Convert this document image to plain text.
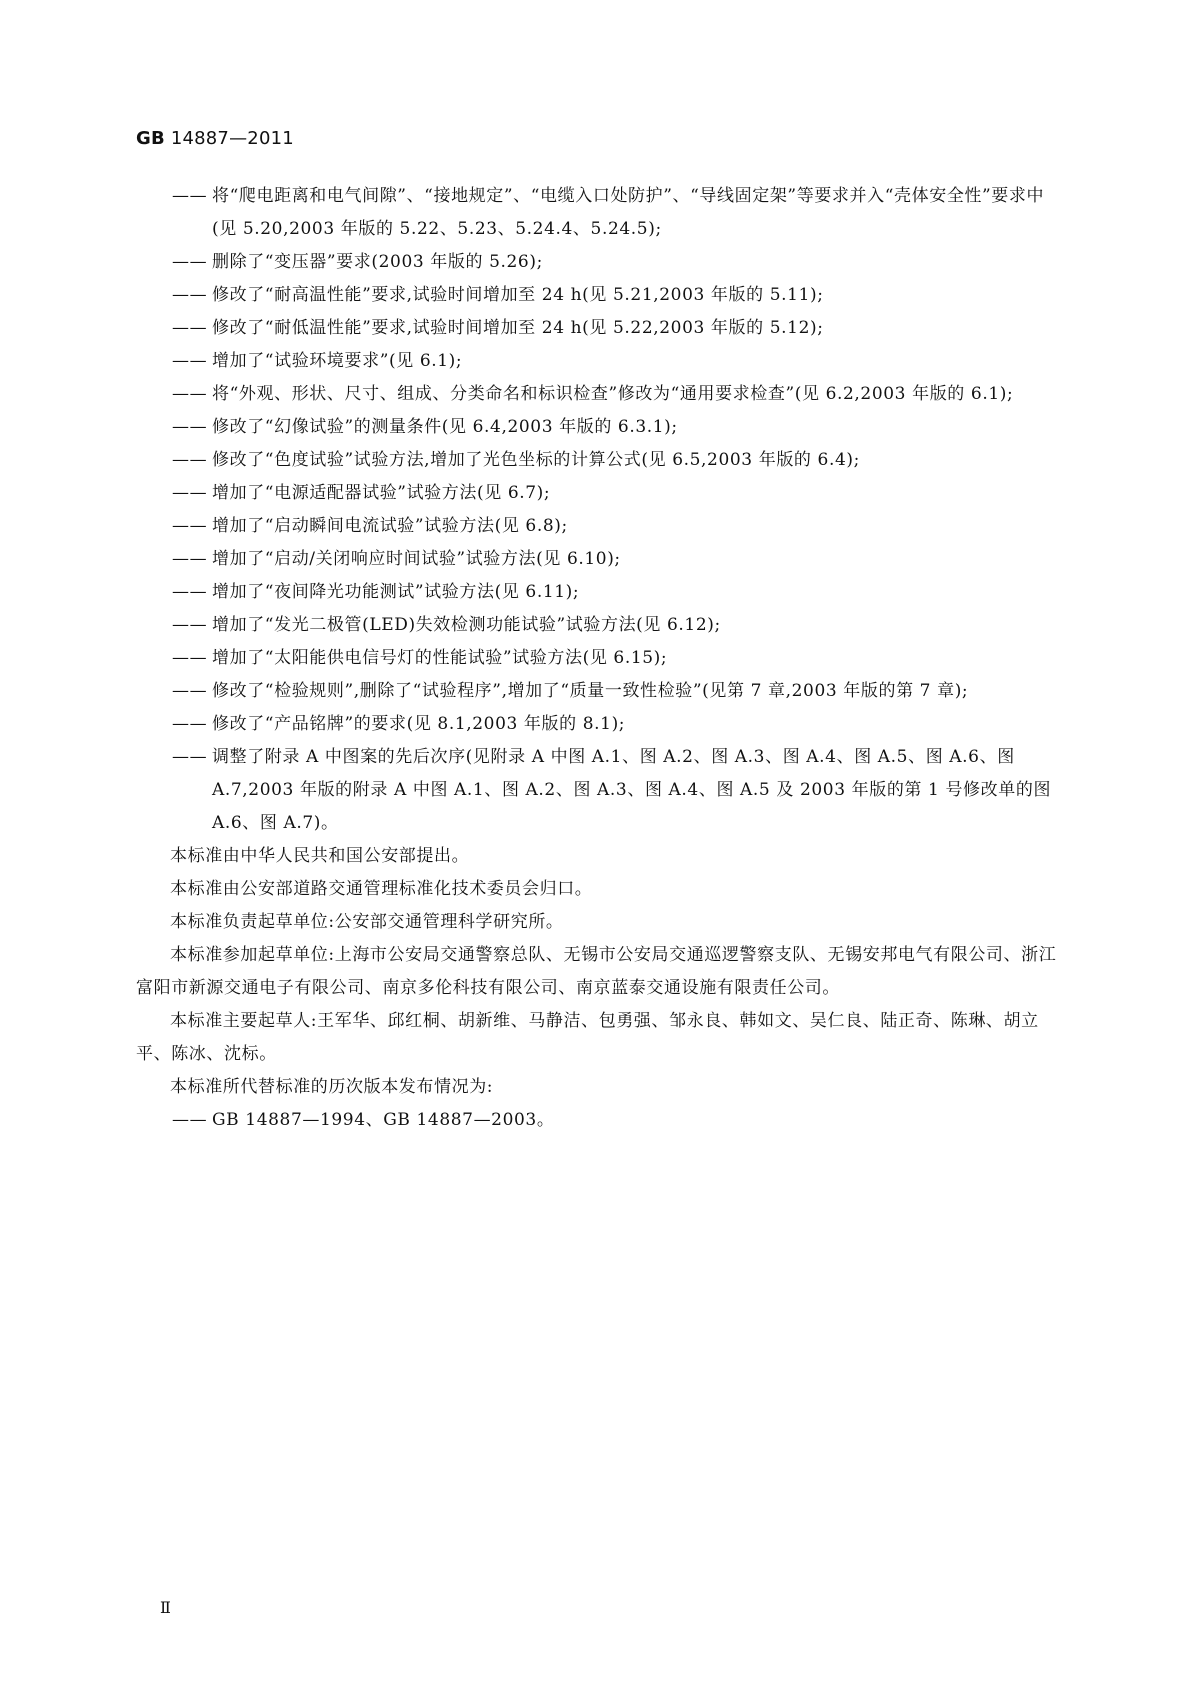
GB 14887—2011
—— 将“爬电距离和电气间隙”、“接地规定”、“电缆入口处防护”、“导线固定架”等要求并入“壳体安全性”要求中(见 5.20,2003 年版的 5.22、5.23、5.24.4、5.24.5);
—— 删除了“变压器”要求(2003 年版的 5.26);
—— 修改了“耐高温性能”要求,试验时间增加至 24 h(见 5.21,2003 年版的 5.11);
—— 修改了“耐低温性能”要求,试验时间增加至 24 h(见 5.22,2003 年版的 5.12);
—— 增加了“试验环境要求”(见 6.1);
—— 将“外观、形状、尺寸、组成、分类命名和标识检查”修改为“通用要求检查”(见 6.2,2003 年版的 6.1);
—— 修改了“幻像试验”的测量条件(见 6.4,2003 年版的 6.3.1);
—— 修改了“色度试验”试验方法,增加了光色坐标的计算公式(见 6.5,2003 年版的 6.4);
—— 增加了“电源适配器试验”试验方法(见 6.7);
—— 增加了“启动瞬间电流试验”试验方法(见 6.8);
—— 增加了“启动/关闭响应时间试验”试验方法(见 6.10);
—— 增加了“夜间降光功能测试”试验方法(见 6.11);
—— 增加了“发光二极管(LED)失效检测功能试验”试验方法(见 6.12);
—— 增加了“太阳能供电信号灯的性能试验”试验方法(见 6.15);
—— 修改了“检验规则”,删除了“试验程序”,增加了“质量一致性检验”(见第 7 章,2003 年版的第 7 章);
—— 修改了“产品铭牌”的要求(见 8.1,2003 年版的 8.1);
—— 调整了附录 A 中图案的先后次序(见附录 A 中图 A.1、图 A.2、图 A.3、图 A.4、图 A.5、图 A.6、图 A.7,2003 年版的附录 A 中图 A.1、图 A.2、图 A.3、图 A.4、图 A.5 及 2003 年版的第 1 号修改单的图 A.6、图 A.7)。

本标准由中华人民共和国公安部提出。

本标准由公安部道路交通管理标准化技术委员会归口。

本标准负责起草单位:公安部交通管理科学研究所。

本标准参加起草单位:上海市公安局交通警察总队、无锡市公安局交通巡逻警察支队、无锡安邦电气有限公司、浙江富阳市新源交通电子有限公司、南京多伦科技有限公司、南京蓝泰交通设施有限责任公司。

本标准主要起草人:王军华、邱红桐、胡新维、马静洁、包勇强、邹永良、韩如文、吴仁良、陆正奇、陈琳、胡立平、陈冰、沈标。

本标准所代替标准的历次版本发布情况为:

—— GB 14887—1994、GB 14887—2003。
Ⅱ
